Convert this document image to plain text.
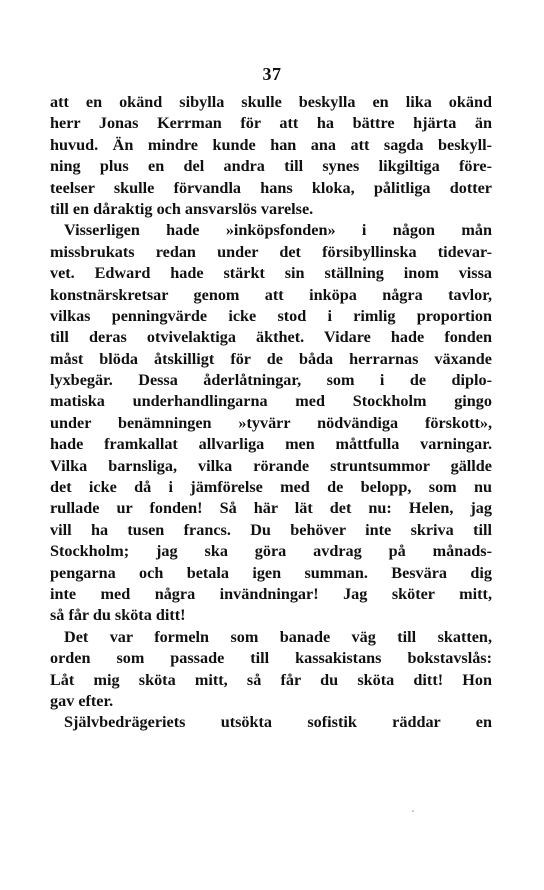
37
att en okänd sibylla skulle beskylla en lika okänd
herr Jonas Kerrman för att ha bättre hjärta än
huvud. Än mindre kunde han ana att sagda beskyll-
ning plus en del andra till synes likgiltiga före-
teelser skulle förvandla hans kloka, pålitliga dotter
till en dåraktig och ansvarslös varelse.
Visserligen hade »inköpsfonden» i någon mån
missbrukats redan under det försibyllinska tidevar-
vet. Edward hade stärkt sin ställning inom vissa
konstnärskretsar genom att inköpa några tavlor,
vilkas penningvärde icke stod i rimlig proportion
till deras otvivelaktiga äkthet. Vidare hade fonden
måst blöda åtskilligt för de båda herrarnas växande
lyxbegär. Dessa åderlåtningar, som i de diplo-
matiska underhandlingarna med Stockholm gingo
under benämningen »tyvärr nödvändiga förskott»,
hade framkallat allvarliga men måttfulla varningar.
Vilka barnsliga, vilka rörande struntsummor gällde
det icke då i jämförelse med de belopp, som nu
rullade ur fonden! Så här lät det nu: Helen, jag
vill ha tusen francs. Du behöver inte skriva till
Stockholm; jag ska göra avdrag på månads-
pengarna och betala igen summan. Besvära dig
inte med några invändningar! Jag sköter mitt,
så får du sköta ditt!
Det var formeln som banade väg till skatten,
orden som passade till kassakistans bokstavslås:
Låt mig sköta mitt, så får du sköta ditt! Hon
gav efter.
Självbedrägeriets utsökta sofistik räddar en
